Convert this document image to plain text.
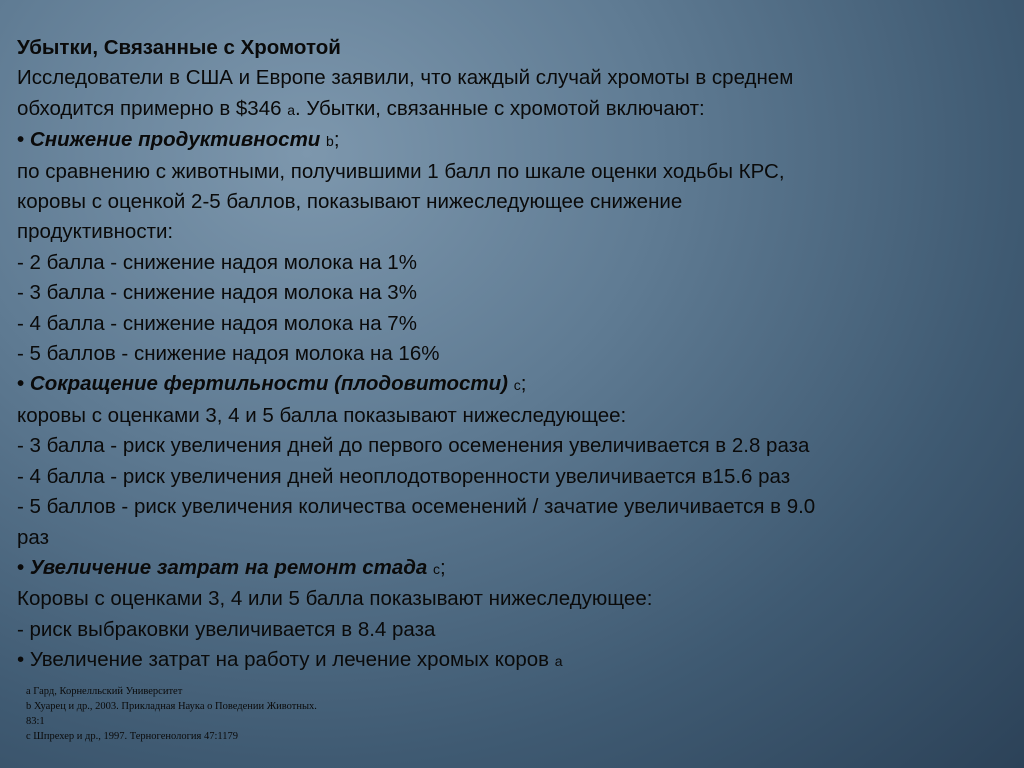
Убытки, Связанные с Хромотой
Исследователи в США и Европе заявили, что каждый случай хромоты в среднем
обходится примерно в $346 a. Убытки, связанные с хромотой включают:
• Снижение продуктивности b;
по сравнению с животными, получившими 1 балл по шкале оценки ходьбы КРС,
коровы с оценкой 2-5 баллов, показывают нижеследующее снижение
продуктивности:
- 2 балла - снижение надоя молока на 1%
- 3 балла - снижение надоя молока на 3%
- 4 балла - снижение надоя молока на 7%
- 5 баллов - снижение надоя молока на 16%
• Сокращение фертильности (плодовитости) c;
коровы с оценками 3, 4 и 5 балла показывают нижеследующее:
- 3 балла - риск увеличения дней до первого осеменения увеличивается в 2.8 раза
- 4 балла - риск увеличения дней неоплодотворенности увеличивается в15.6 раз
- 5 баллов - риск увеличения количества осеменений / зачатие увеличивается в 9.0
раз
• Увеличение затрат на ремонт стада c;
Коровы с оценками 3, 4 или 5 балла показывают нижеследующее:
- риск выбраковки увеличивается в 8.4 раза
• Увеличение затрат на работу и лечение хромых коров a
a Гард, Корнелльский Университет
b Хуарец и др., 2003. Прикладная Наука о Поведении Животных.
83:1
c Шпрехер и др., 1997. Терногенология 47:1179
